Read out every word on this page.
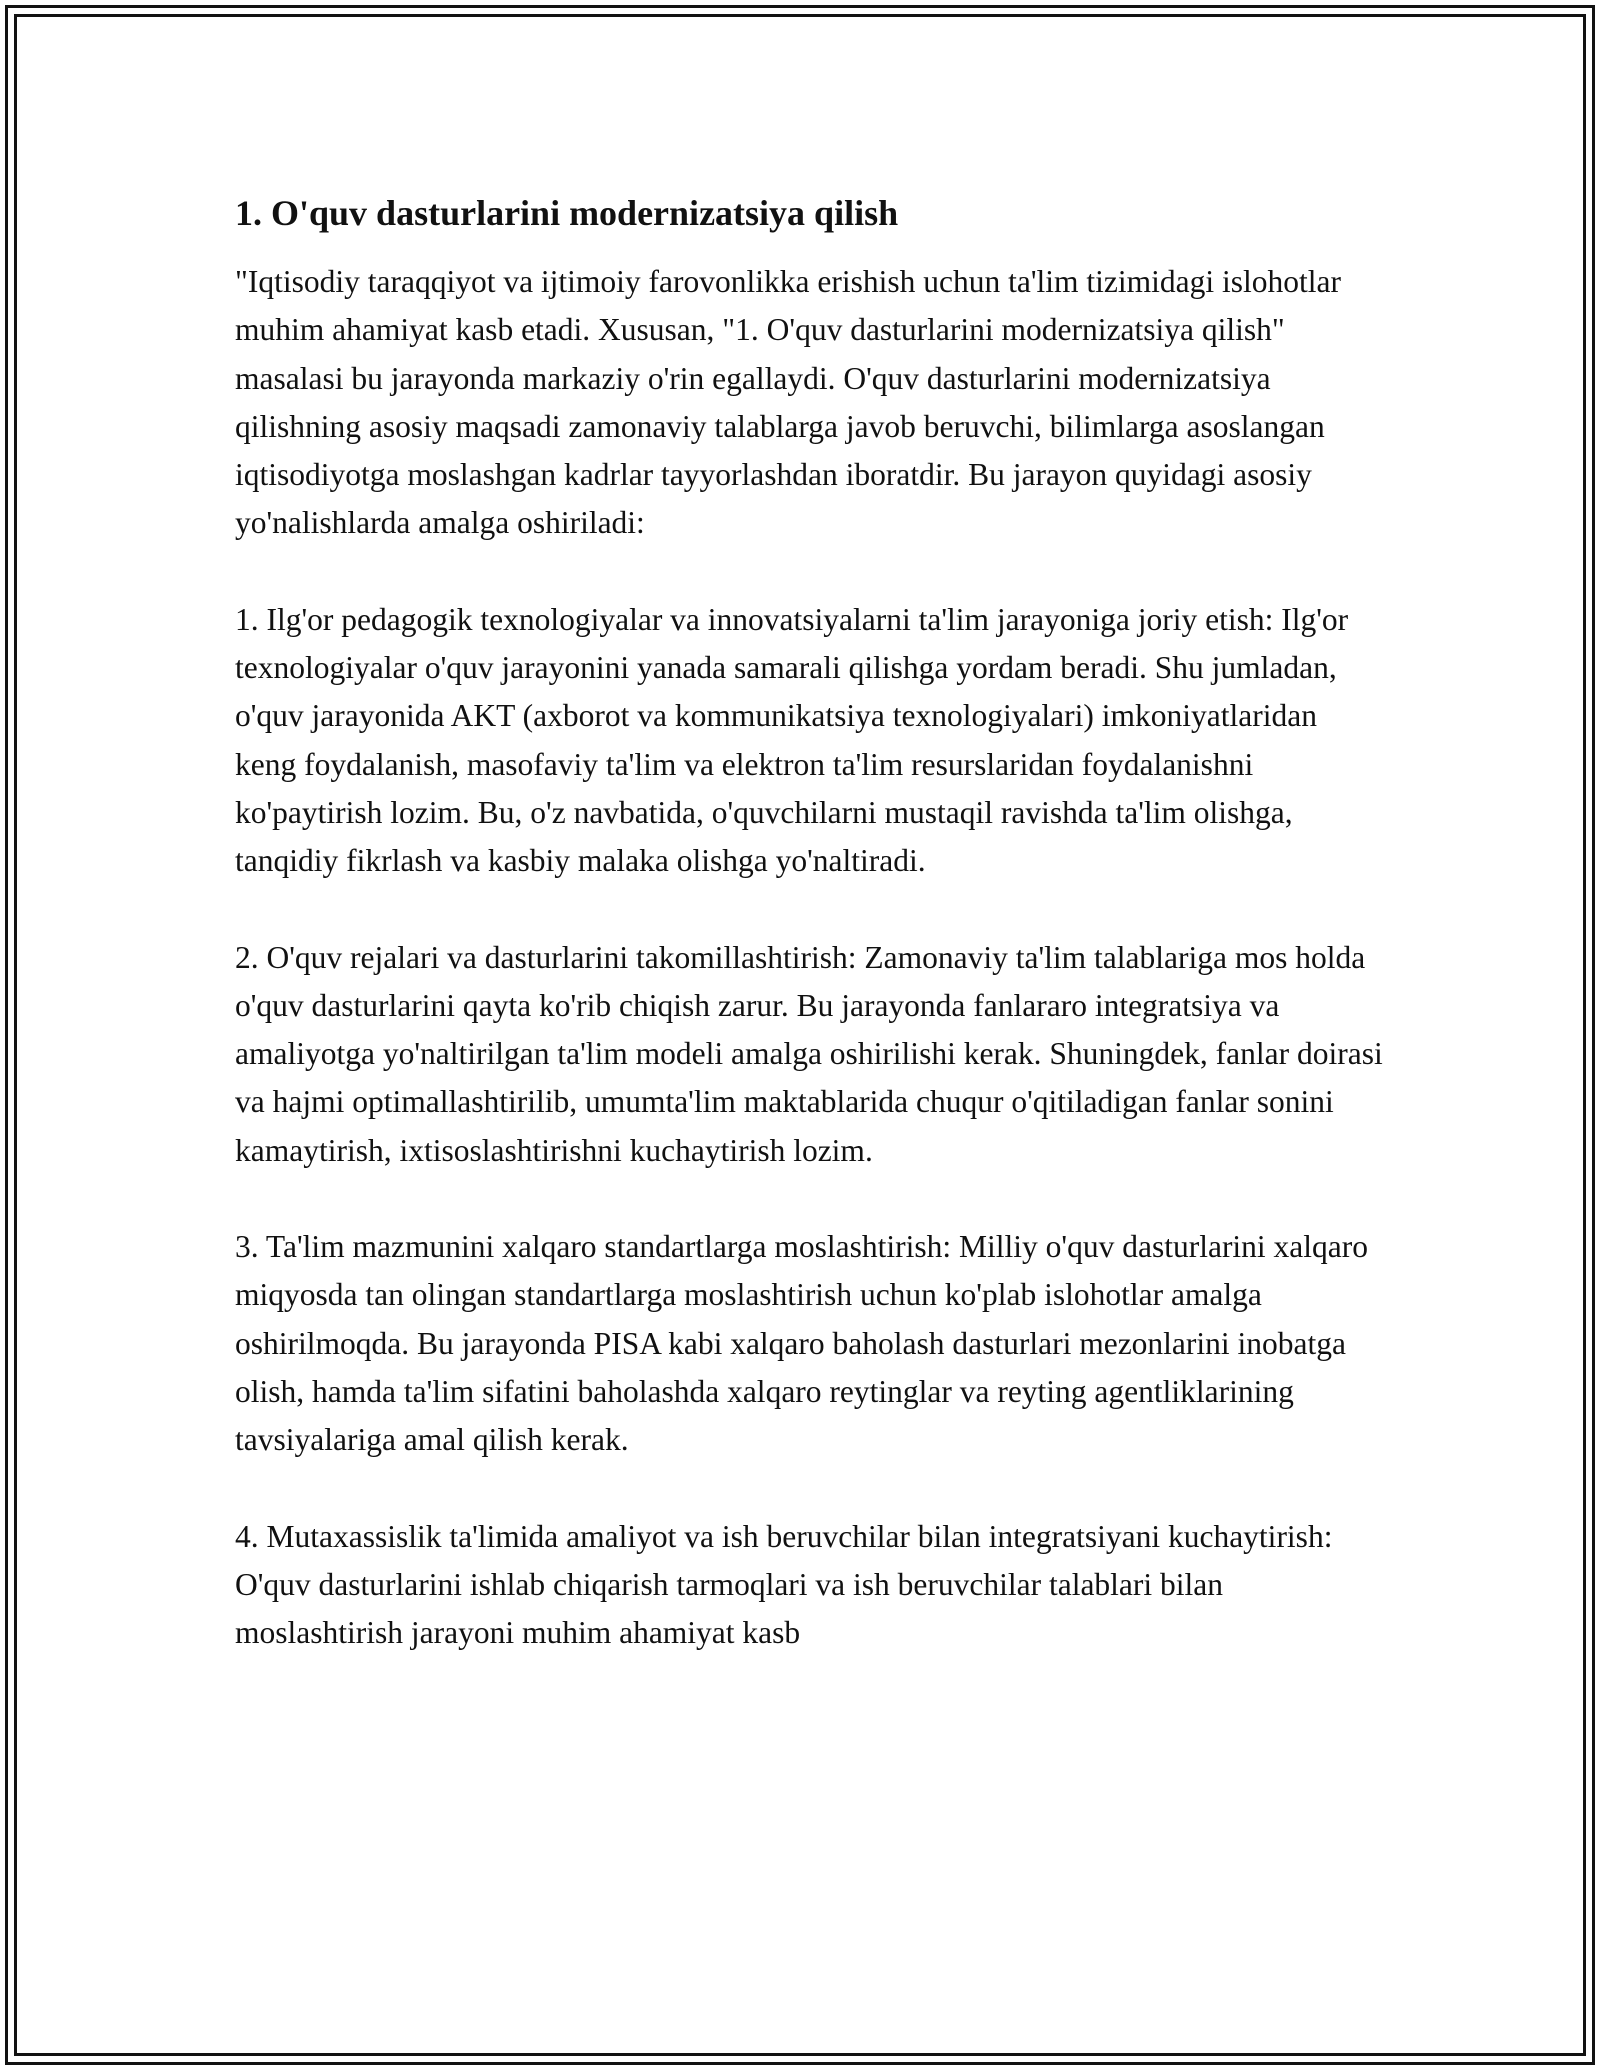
1. O'quv dasturlarini modernizatsiya qilish

"Iqtisodiy taraqqiyot va ijtimoiy farovonlikka erishish uchun ta'lim tizimidagi islohotlar muhim ahamiyat kasb etadi. Xususan, "1. O'quv dasturlarini modernizatsiya qilish" masalasi bu jarayonda markaziy o'rin egallaydi. O'quv dasturlarini modernizatsiya qilishning asosiy maqsadi zamonaviy talablarga javob beruvchi, bilimlarga asoslangan iqtisodiyotga moslashgan kadrlar tayyorlashdan iboratdir. Bu jarayon quyidagi asosiy yo'nalishlarda amalga oshiriladi:

1. Ilg'or pedagogik texnologiyalar va innovatsiyalarni ta'lim jarayoniga joriy etish: Ilg'or texnologiyalar o'quv jarayonini yanada samarali qilishga yordam beradi. Shu jumladan, o'quv jarayonida AKT (axborot va kommunikatsiya texnologiyalari) imkoniyatlaridan keng foydalanish, masofaviy ta'lim va elektron ta'lim resurslaridan foydalanishni ko'paytirish lozim. Bu, o'z navbatida, o'quvchilarni mustaqil ravishda ta'lim olishga, tanqidiy fikrlash va kasbiy malaka olishga yo'naltiradi.

2. O'quv rejalari va dasturlarini takomillashtirish: Zamonaviy ta'lim talablariga mos holda o'quv dasturlarini qayta ko'rib chiqish zarur. Bu jarayonda fanlararo integratsiya va amaliyotga yo'naltirilgan ta'lim modeli amalga oshirilishi kerak. Shuningdek, fanlar doirasi va hajmi optimallashtirilib, umumta'lim maktablarida chuqur o'qitiladigan fanlar sonini kamaytirish, ixtisoslashtirishni kuchaytirish lozim.

3. Ta'lim mazmunini xalqaro standartlarga moslashtirish: Milliy o'quv dasturlarini xalqaro miqyosda tan olingan standartlarga moslashtirish uchun ko'plab islohotlar amalga oshirilmoqda. Bu jarayonda PISA kabi xalqaro baholash dasturlari mezonlarini inobatga olish, hamda ta'lim sifatini baholashda xalqaro reytinglar va reyting agentliklarining tavsiyalariga amal qilish kerak.

4. Mutaxassislik ta'limida amaliyot va ish beruvchilar bilan integratsiyani kuchaytirish: O'quv dasturlarini ishlab chiqarish tarmoqlari va ish beruvchilar talablari bilan moslashtirish jarayoni muhim ahamiyat kasb
